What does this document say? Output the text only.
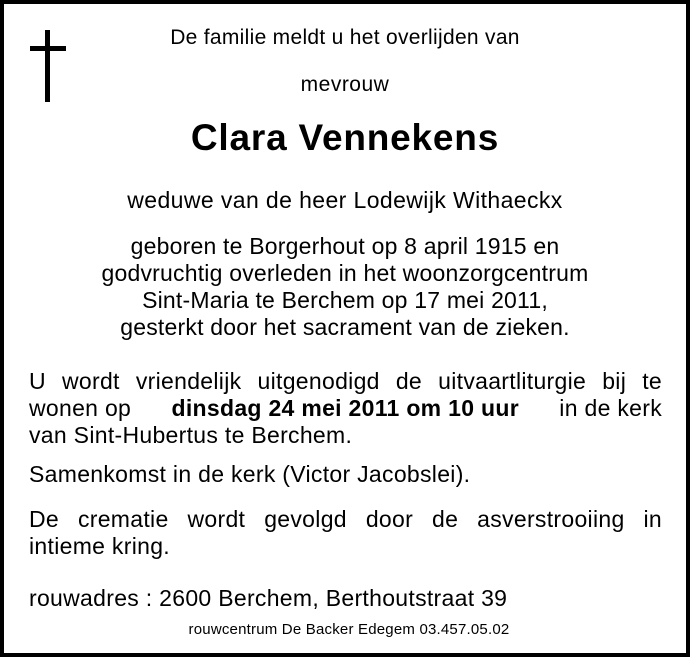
De familie meldt u het overlijden van
mevrouw
Clara Vennekens
weduwe van de heer Lodewijk Withaeckx
geboren te Borgerhout op 8 april 1915 en
godvruchtig overleden in het woonzorgcentrum
Sint-Maria te Berchem op 17 mei 2011,
gesterkt door het sacrament van de zieken.
U wordt vriendelijk uitgenodigd de uitvaartliturgie bij te
wonen op dinsdag 24 mei 2011 om 10 uur in de kerk
van Sint-Hubertus te Berchem.
Samenkomst in de kerk (Victor Jacobslei).
De crematie wordt gevolgd door de asverstrooiing in
intieme kring.
rouwadres : 2600 Berchem, Berthoutstraat 39
rouwcentrum De Backer Edegem 03.457.05.02
